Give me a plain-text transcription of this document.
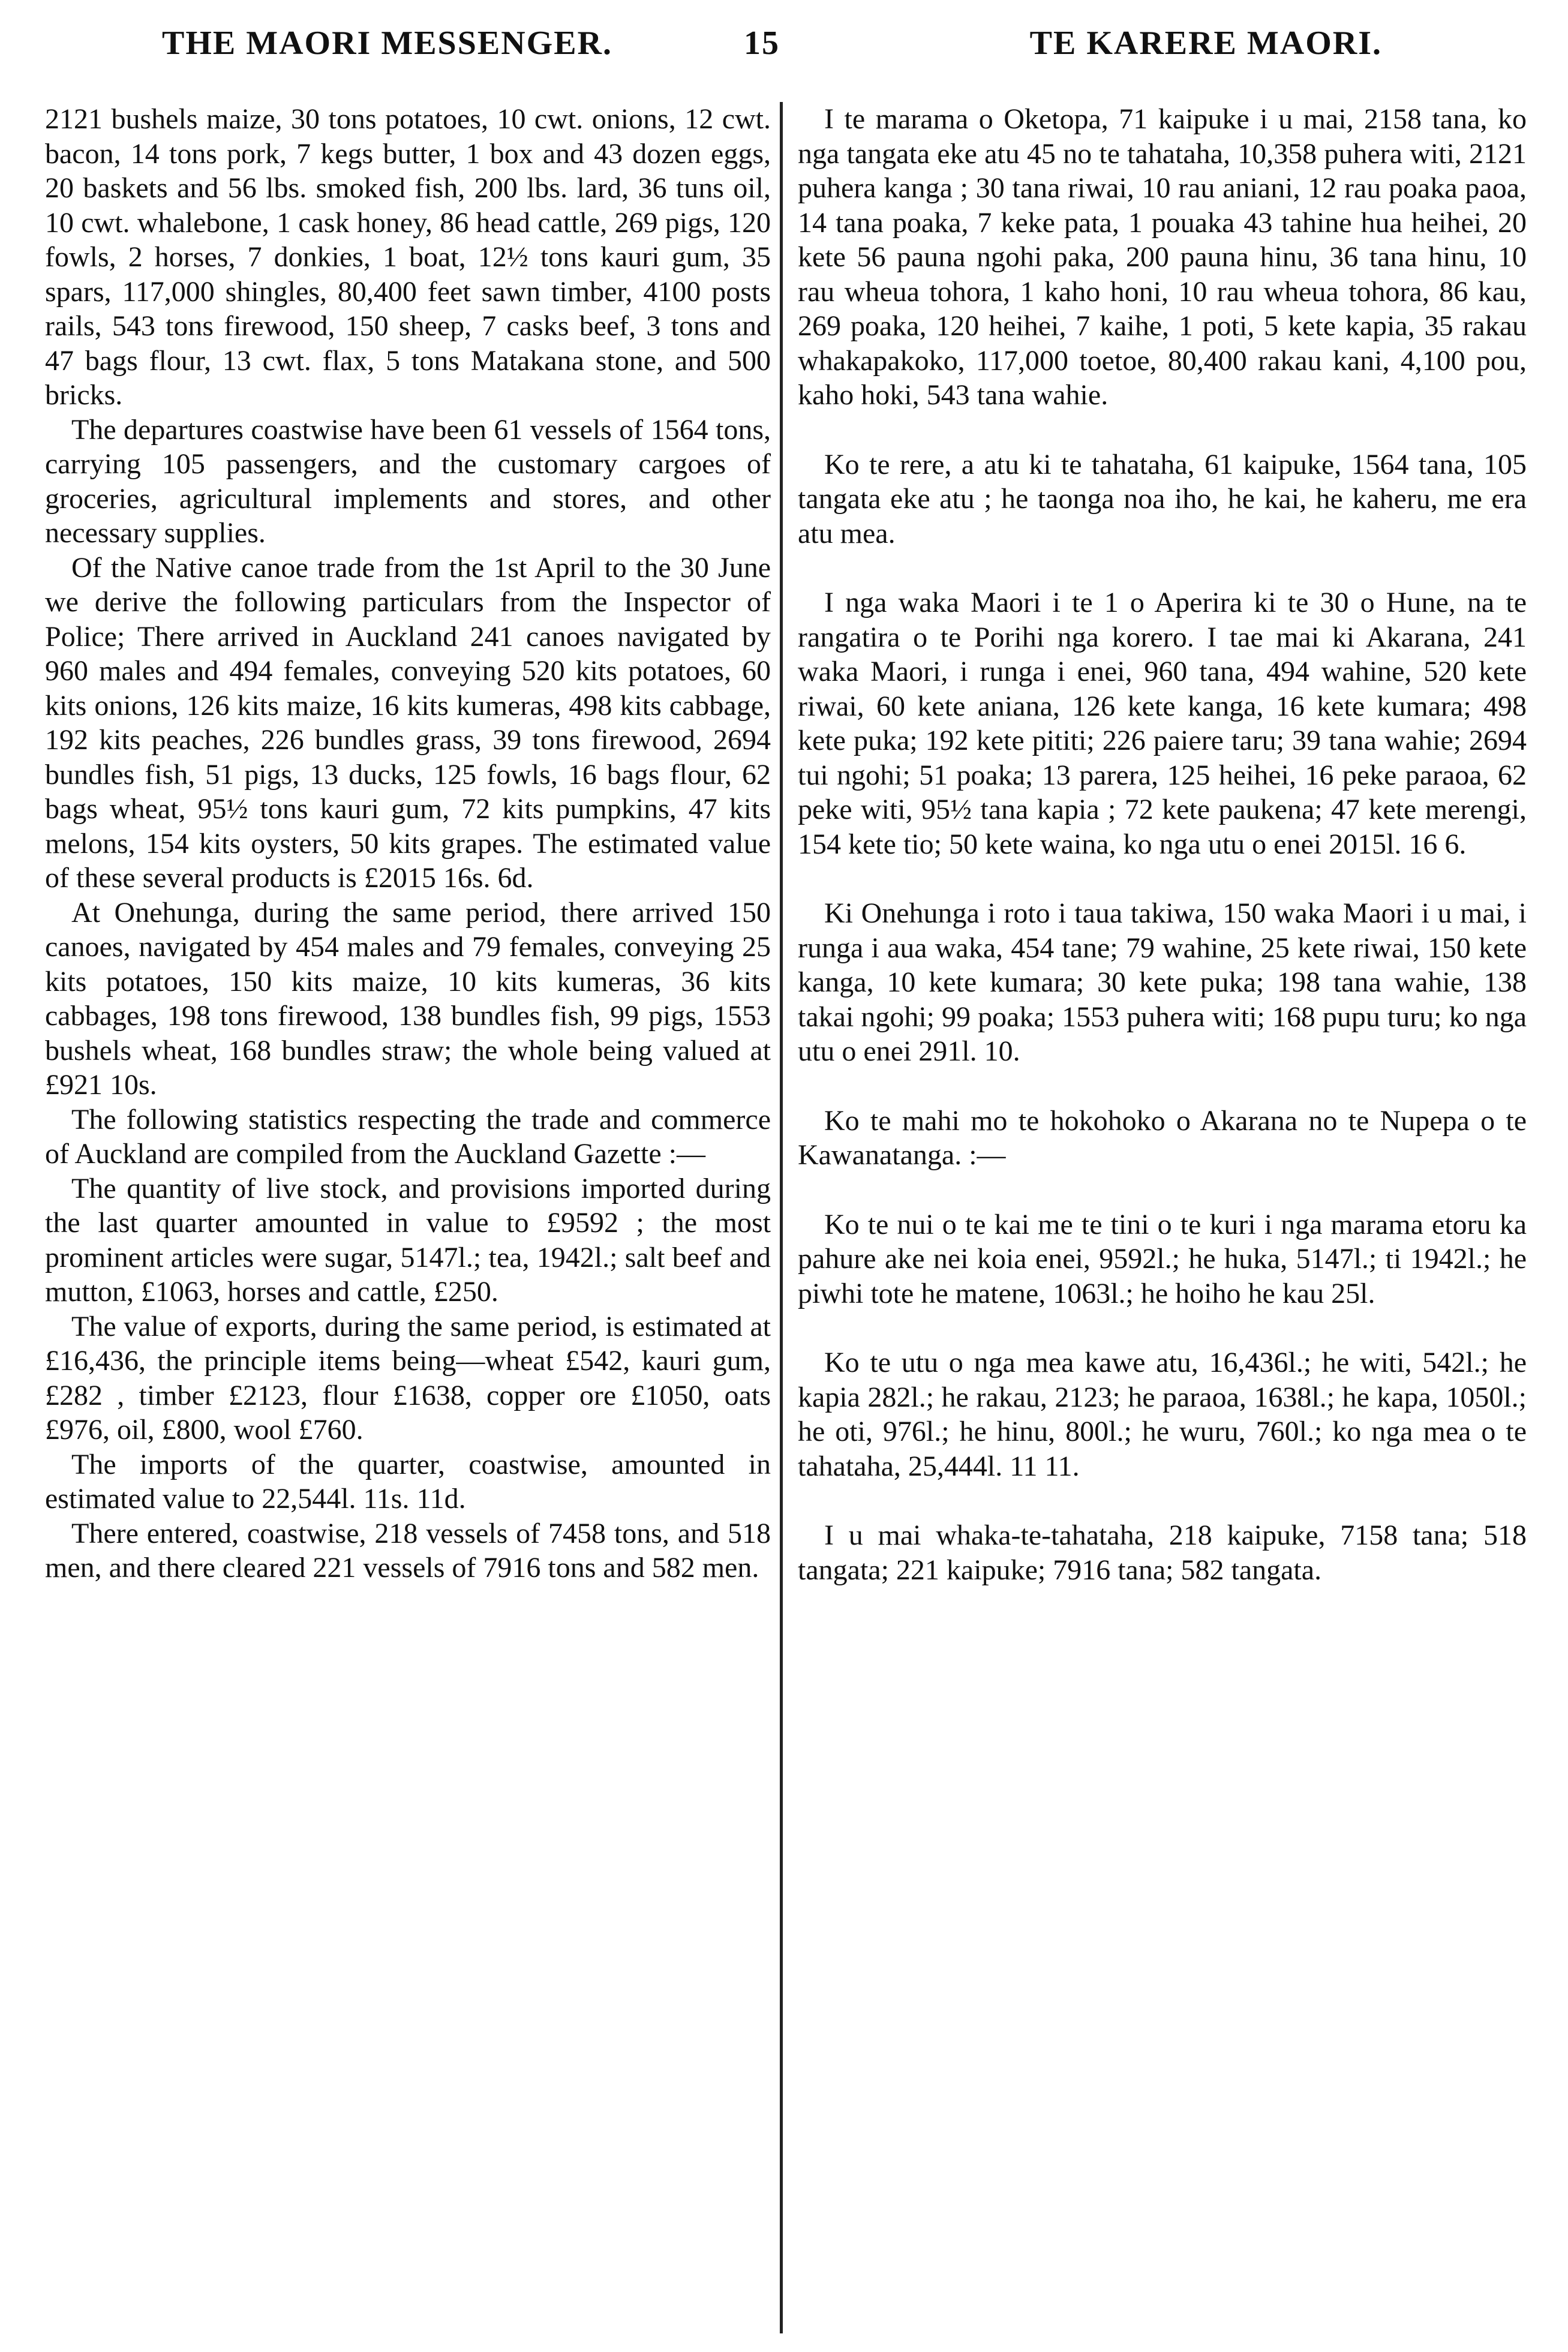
THE MAORI MESSENGER.	15	TE KARERE MAORI.

2121 bushels maize, 30 tons potatoes, 10 cwt. onions, 12 cwt. bacon, 14 tons pork, 7 kegs butter, 1 box and 43 dozen eggs, 20 baskets and 56 lbs. smoked fish, 200 lbs. lard, 36 tuns oil, 10 cwt. whalebone, 1 cask honey, 86 head cattle, 269 pigs, 120 fowls, 2 horses, 7 donkies, 1 boat, 12½ tons kauri gum, 35 spars, 117,000 shingles, 80,400 feet sawn timber, 4100 posts rails, 543 tons firewood, 150 sheep, 7 casks beef, 3 tons and 47 bags flour, 13 cwt. flax, 5 tons Matakana stone, and 500 bricks.

The departures coastwise have been 61 vessels of 1564 tons, carrying 105 passengers, and the customary cargoes of groceries, agricultural implements and stores, and other necessary supplies.

Of the Native canoe trade from the 1st April to the 30 June we derive the following particulars from the Inspector of Police; There arrived in Auckland 241 canoes navigated by 960 males and 494 females, conveying 520 kits potatoes, 60 kits onions, 126 kits maize, 16 kits kumeras, 498 kits cabbage, 192 kits peaches, 226 bundles grass, 39 tons firewood, 2694 bundles fish, 51 pigs, 13 ducks, 125 fowls, 16 bags flour, 62 bags wheat, 95½ tons kauri gum, 72 kits pumpkins, 47 kits melons, 154 kits oysters, 50 kits grapes. The estimated value of these several products is £2015 16s. 6d.

At Onehunga, during the same period, there arrived 150 canoes, navigated by 454 males and 79 females, conveying 25 kits potatoes, 150 kits maize, 10 kits kumeras, 36 kits cabbages, 198 tons firewood, 138 bundles fish, 99 pigs, 1553 bushels wheat, 168 bundles straw; the whole being valued at £921 10s.

The following statistics respecting the trade and commerce of Auckland are compiled from the Auckland Gazette :—

The quantity of live stock, and provisions imported during the last quarter amounted in value to £9592 ; the most prominent articles were sugar, 5147l.; tea, 1942l.; salt beef and mutton, £1063, horses and cattle, £250.

The value of exports, during the same period, is estimated at £16,436, the principle items being—wheat £542, kauri gum, £282 , timber £2123, flour £1638, copper ore £1050, oats £976, oil, £800, wool £760.

The imports of the quarter, coastwise, amounted in estimated value to 22,544l. 11s. 11d.

There entered, coastwise, 218 vessels of 7458 tons, and 518 men, and there cleared 221 vessels of 7916 tons and 582 men.

I te marama o Oketopa, 71 kaipuke i u mai, 2158 tana, ko nga tangata eke atu 45 no te tahataha, 10,358 puhera witi, 2121 puhera kanga ; 30 tana riwai, 10 rau aniani, 12 rau poaka paoa, 14 tana poaka, 7 keke pata, 1 pouaka 43 tahine hua heihei, 20 kete 56 pauna ngohi paka, 200 pauna hinu, 36 tana hinu, 10 rau wheua tohora, 1 kaho honi, 10 rau wheua tohora, 86 kau, 269 poaka, 120 heihei, 7 kaihe, 1 poti, 5 kete kapia, 35 rakau whakapakoko, 117,000 toetoe, 80,400 rakau kani, 4,100 pou, kaho hoki, 543 tana wahie.

Ko te rere, a atu ki te tahataha, 61 kaipuke, 1564 tana, 105 tangata eke atu ; he taonga noa iho, he kai, he kaheru, me era atu mea.

I nga waka Maori i te 1 o Aperira ki te 30 o Hune, na te rangatira o te Porihi nga korero. I tae mai ki Akarana, 241 waka Maori, i runga i enei, 960 tana, 494 wahine, 520 kete riwai, 60 kete aniana, 126 kete kanga, 16 kete kumara; 498 kete puka; 192 kete pititi; 226 paiere taru; 39 tana wahie; 2694 tui ngohi; 51 poaka; 13 parera, 125 heihei, 16 peke paraoa, 62 peke witi, 95½ tana kapia ; 72 kete paukena; 47 kete merengi, 154 kete tio; 50 kete waina, ko nga utu o enei 2015l. 16 6.

Ki Onehunga i roto i taua takiwa, 150 waka Maori i u mai, i runga i aua waka, 454 tane; 79 wahine, 25 kete riwai, 150 kete kanga, 10 kete kumara; 30 kete puka; 198 tana wahie, 138 takai ngohi; 99 poaka; 1553 puhera witi; 168 pupu turu; ko nga utu o enei 291l. 10.

Ko te mahi mo te hokohoko o Akarana no te Nupepa o te Kawanatanga. :—

Ko te nui o te kai me te tini o te kuri i nga marama etoru ka pahure ake nei koia enei, 9592l.; he huka, 5147l.; ti 1942l.; he piwhi tote he matene, 1063l.; he hoiho he kau 25l.

Ko te utu o nga mea kawe atu, 16,436l.; he witi, 542l.; he kapia 282l.; he rakau, 2123; he paraoa, 1638l.; he kapa, 1050l.; he oti, 976l.; he hinu, 800l.; he wuru, 760l.; ko nga mea o te tahataha, 25,444l. 11 11.

I u mai whaka-te-tahataha, 218 kaipuke, 7158 tana; 518 tangata; 221 kaipuke; 7916 tana; 582 tangata.
